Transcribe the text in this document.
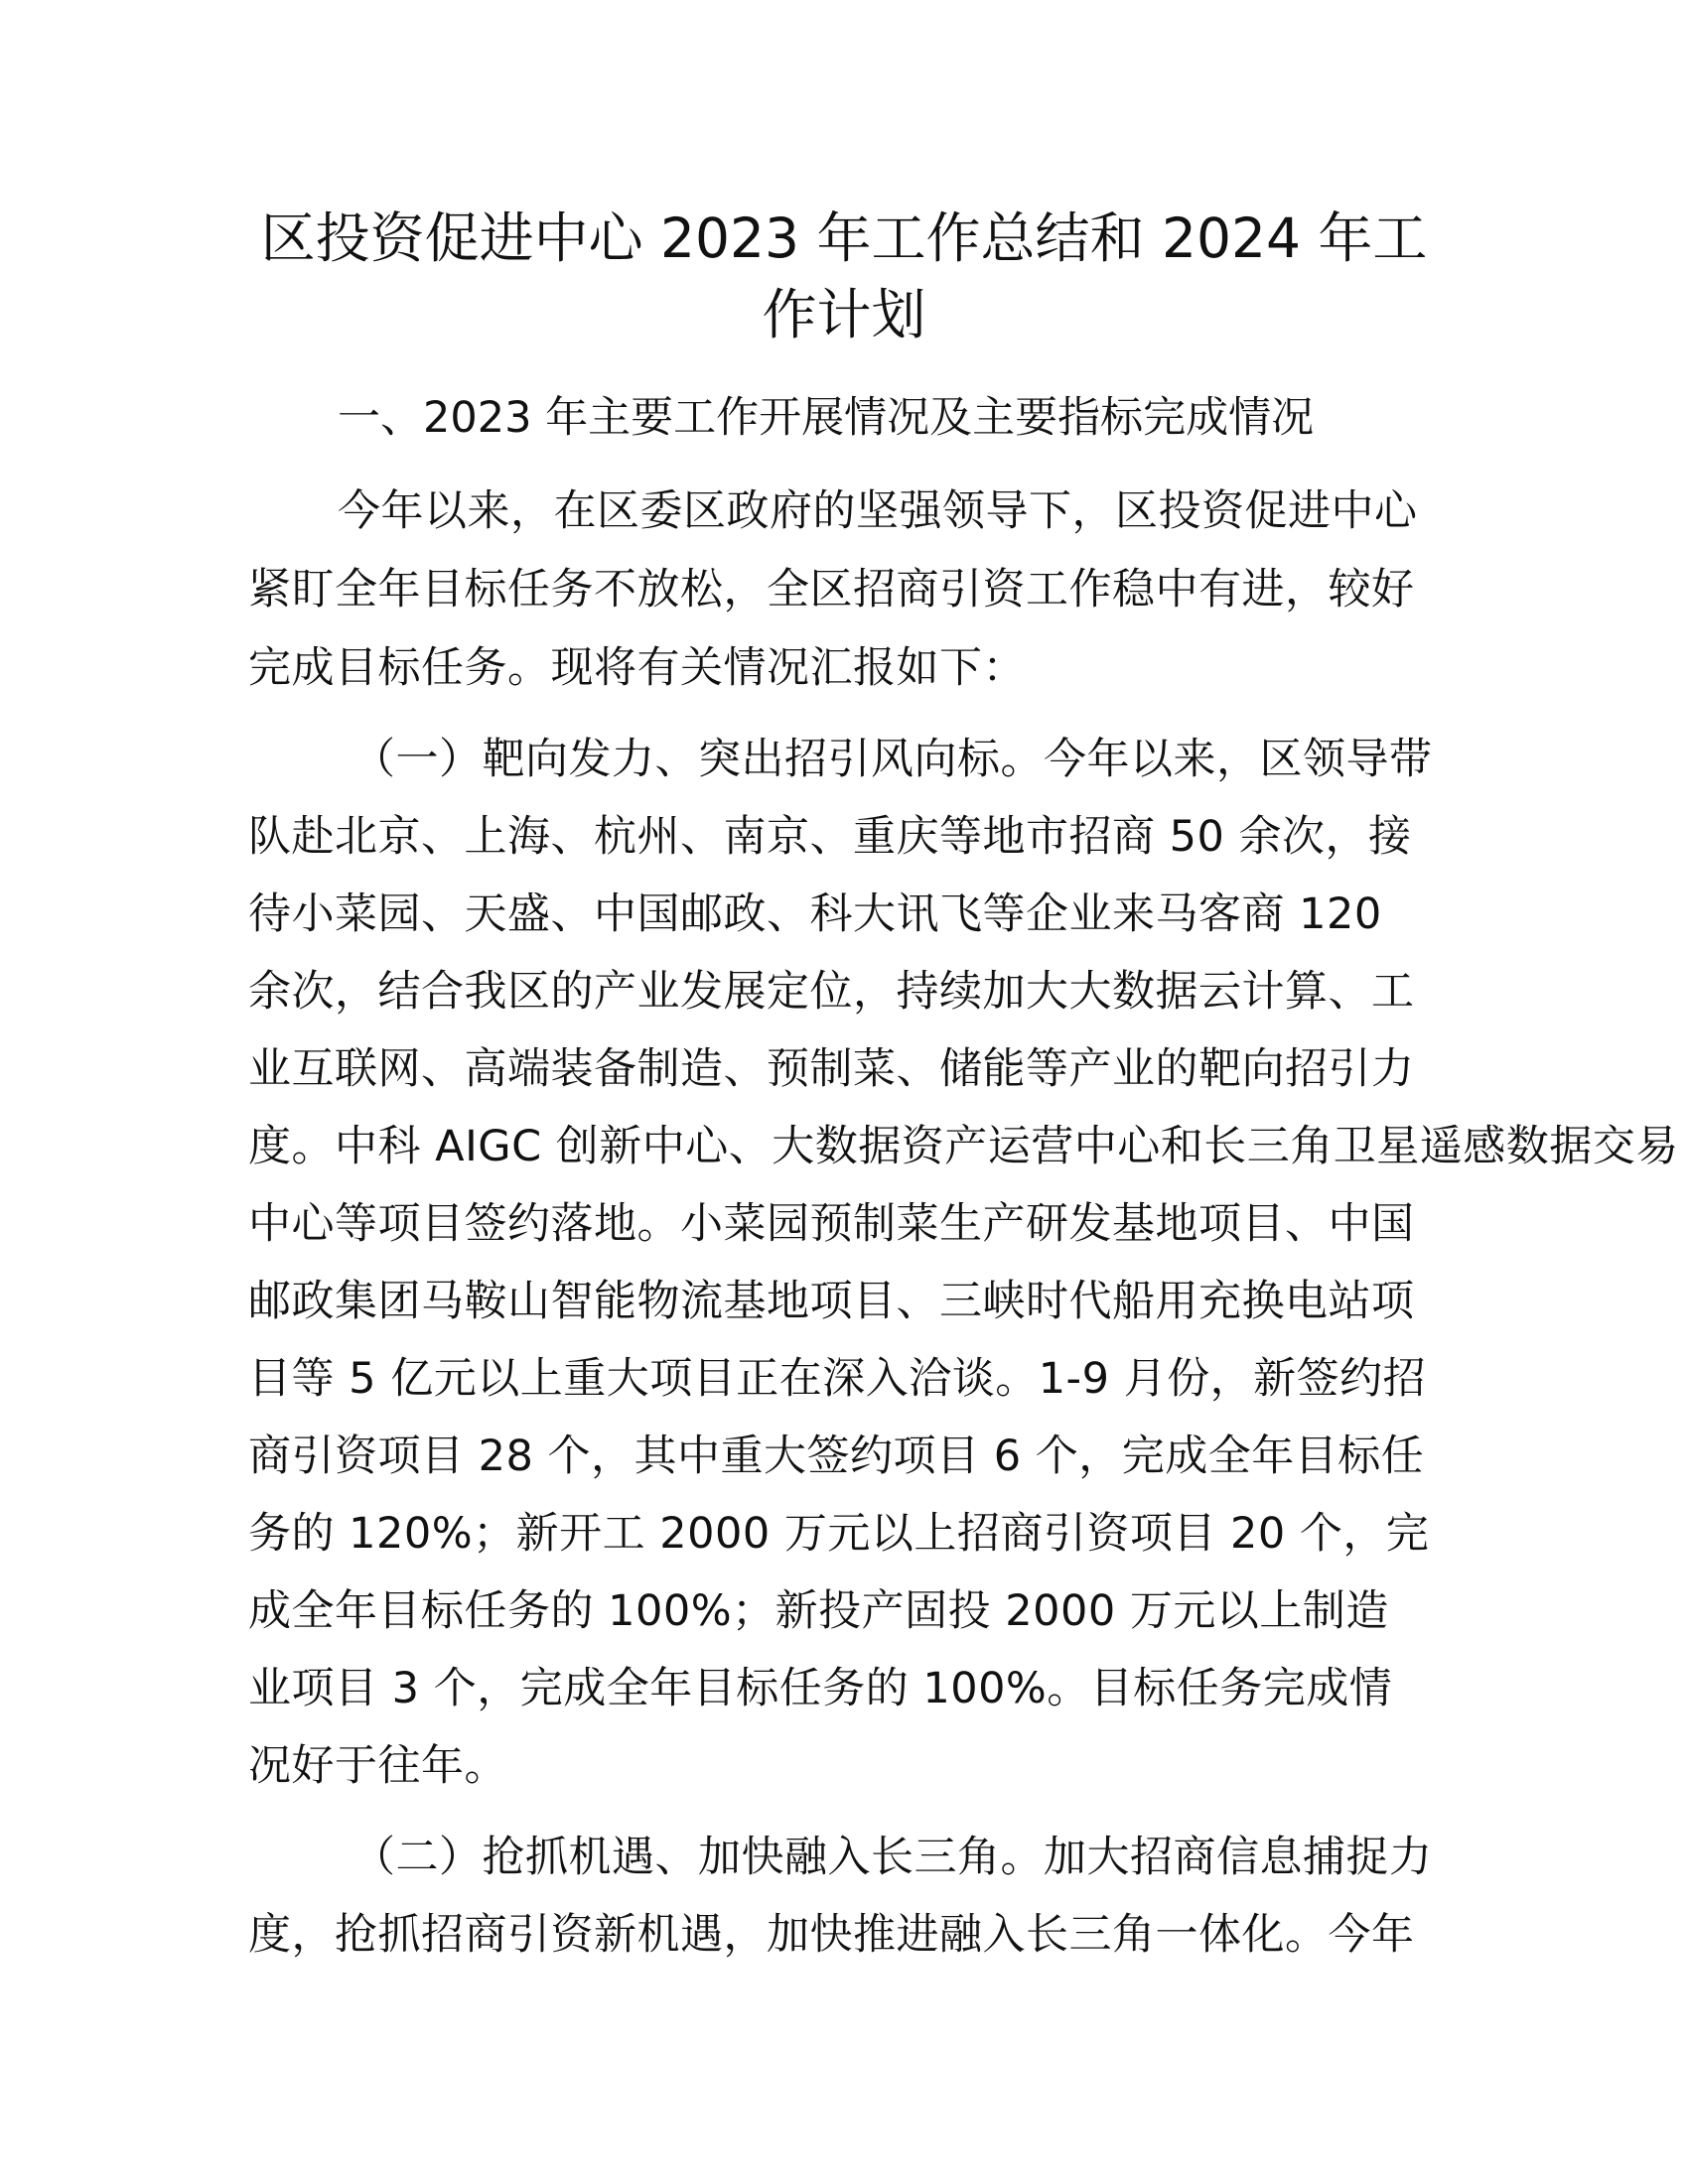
区投资促进中心 2023 年工作总结和 2024 年工
作计划
一、2023 年主要工作开展情况及主要指标完成情况
今年以来，在区委区政府的坚强领导下，区投资促进中心
紧盯全年目标任务不放松，全区招商引资工作稳中有进，较好
完成目标任务。现将有关情况汇报如下：
（一）靶向发力、突出招引风向标。今年以来，区领导带
队赴北京、上海、杭州、南京、重庆等地市招商 50 余次，接
待小菜园、天盛、中国邮政、科大讯飞等企业来马客商 120
余次，结合我区的产业发展定位，持续加大大数据云计算、工
业互联网、高端装备制造、预制菜、储能等产业的靶向招引力
度。中科 AIGC 创新中心、大数据资产运营中心和长三角卫星遥感数据交易
中心等项目签约落地。小菜园预制菜生产研发基地项目、中国
邮政集团马鞍山智能物流基地项目、三峡时代船用充换电站项
目等 5 亿元以上重大项目正在深入洽谈。1-9 月份，新签约招
商引资项目 28 个，其中重大签约项目 6 个，完成全年目标任
务的 120%；新开工 2000 万元以上招商引资项目 20 个，完
成全年目标任务的 100%；新投产固投 2000 万元以上制造
业项目 3 个，完成全年目标任务的 100%。目标任务完成情
况好于往年。
（二）抢抓机遇、加快融入长三角。加大招商信息捕捉力
度，抢抓招商引资新机遇，加快推进融入长三角一体化。今年
